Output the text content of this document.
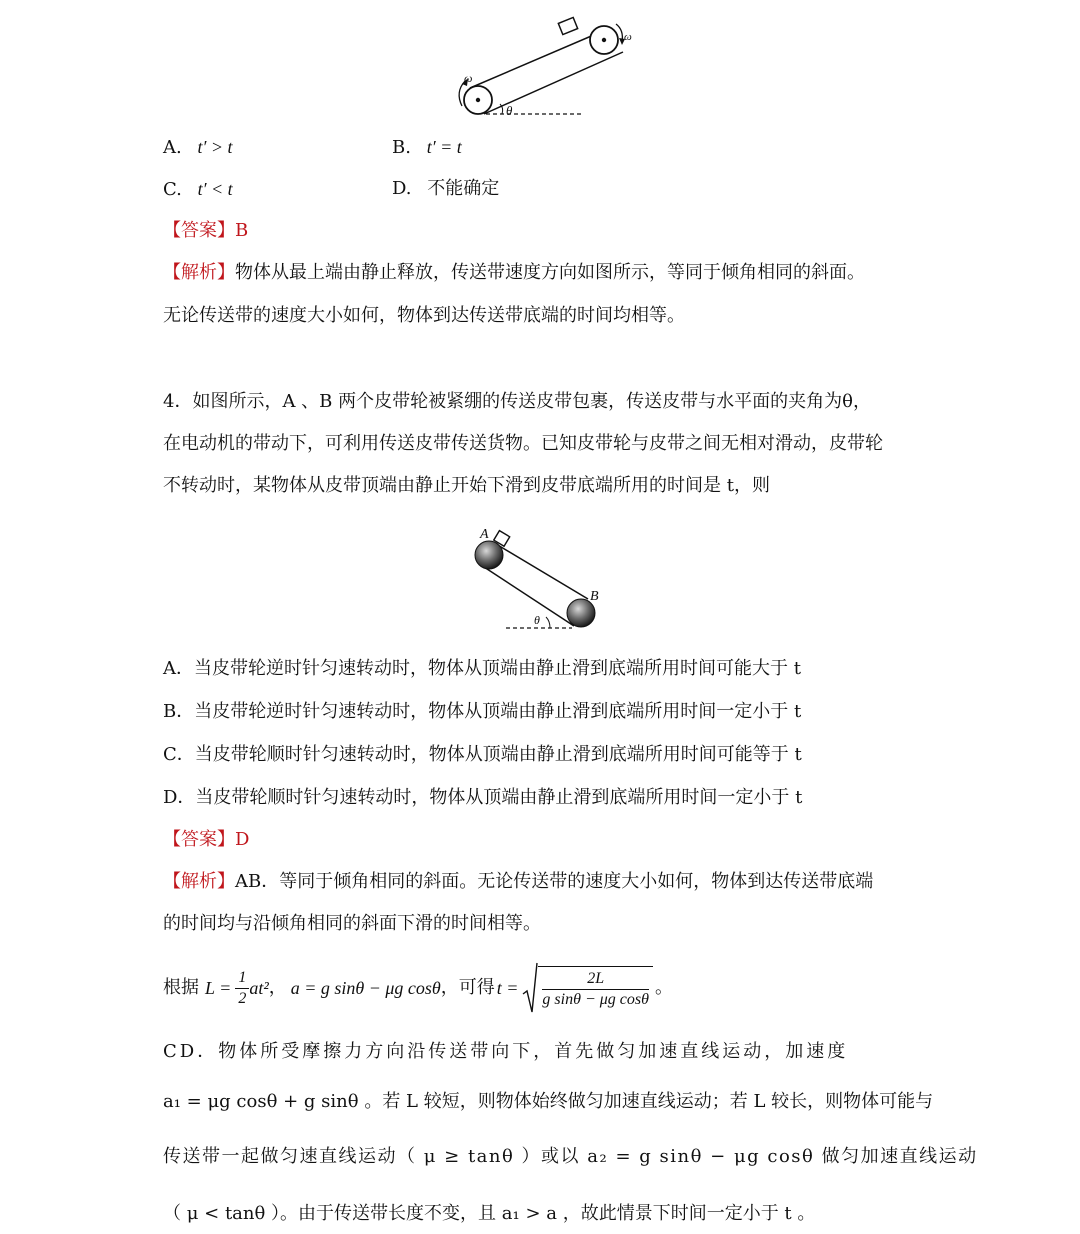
ω
θ
ω
A. t′ > t	B. t′ = t
C. t′ < t	D. 不能确定
【答案】B
【解析】物体从最上端由静止释放，传送带速度方向如图所示，等同于倾角相同的斜面。
无论传送带的速度大小如何，物体到达传送带底端的时间均相等。
4．如图所示，A 、B 两个皮带轮被紧绷的传送皮带包裹，传送皮带与水平面的夹角为θ，
在电动机的带动下，可利用传送皮带传送货物。已知皮带轮与皮带之间无相对滑动，皮带轮
不转动时，某物体从皮带顶端由静止开始下滑到皮带底端所用的时间是 t，则
A
B
θ
A．当皮带轮逆时针匀速转动时，物体从顶端由静止滑到底端所用时间可能大于 t
B．当皮带轮逆时针匀速转动时，物体从顶端由静止滑到底端所用时间一定小于 t
C．当皮带轮顺时针匀速转动时，物体从顶端由静止滑到底端所用时间可能等于 t
D．当皮带轮顺时针匀速转动时，物体从顶端由静止滑到底端所用时间一定小于 t
【答案】D
【解析】AB．等同于倾角相同的斜面。无论传送带的速度大小如何，物体到达传送带底端
的时间均与沿倾角相同的斜面下滑的时间相等。
根据 $L = \frac{1}{2} at^2$ ， a = g sinθ − μg cosθ ，可得 $t = \frac{2L}{\text{g sinθ − μg cosθ}}$ 。
CD．物体所受摩擦力方向沿传送带向下，首先做匀加速直线运动，加速度
a₁ = μg cosθ + g sinθ 。若 L 较短，则物体始终做匀加速直线运动；若 L 较长，则物体可能与
传送带一起做匀速直线运动（ μ ≥ tanθ ）或以 a₂ = g sinθ − μg cosθ 做匀加速直线运动
（ μ < tanθ ）。由于传送带长度不变，且 a₁ > a ，故此情景下时间一定小于 t 。
